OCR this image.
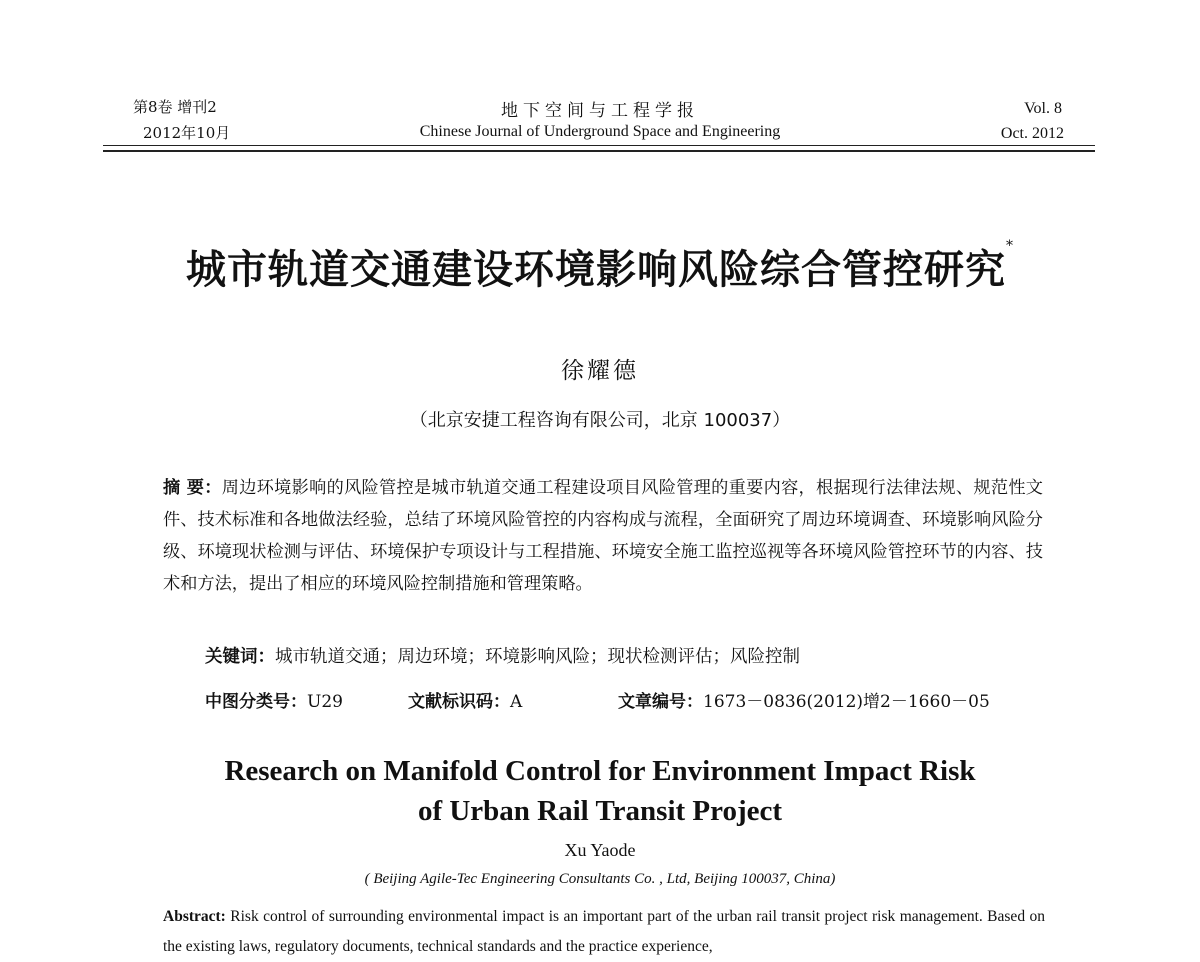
第8卷 增刊2
2012年10月
地下空间与工程学报
Chinese Journal of Underground Space and Engineering
Vol. 8
Oct. 2012
城市轨道交通建设环境影响风险综合管控研究*
徐耀德
（北京安捷工程咨询有限公司，北京 100037）
摘 要：周边环境影响的风险管控是城市轨道交通工程建设项目风险管理的重要内容，根据现行法律法规、规范性文件、技术标准和各地做法经验，总结了环境风险管控的内容构成与流程，全面研究了周边环境调查、环境影响风险分级、环境现状检测与评估、环境保护专项设计与工程措施、环境安全施工监控巡视等各环境风险管控环节的内容、技术和方法，提出了相应的环境风险控制措施和管理策略。
关键词：城市轨道交通；周边环境；环境影响风险；现状检测评估；风险控制
中图分类号：U29	文献标识码：A	文章编号：1673－0836(2012)增2－1660－05
Research on Manifold Control for Environment Impact Risk
of Urban Rail Transit Project
Xu Yaode
( Beijing Agile-Tec Engineering Consultants Co. , Ltd, Beijing 100037, China)
Abstract: Risk control of surrounding environmental impact is an important part of the urban rail transit project risk management. Based on the existing laws, regulatory documents, technical standards and the practice experience,
